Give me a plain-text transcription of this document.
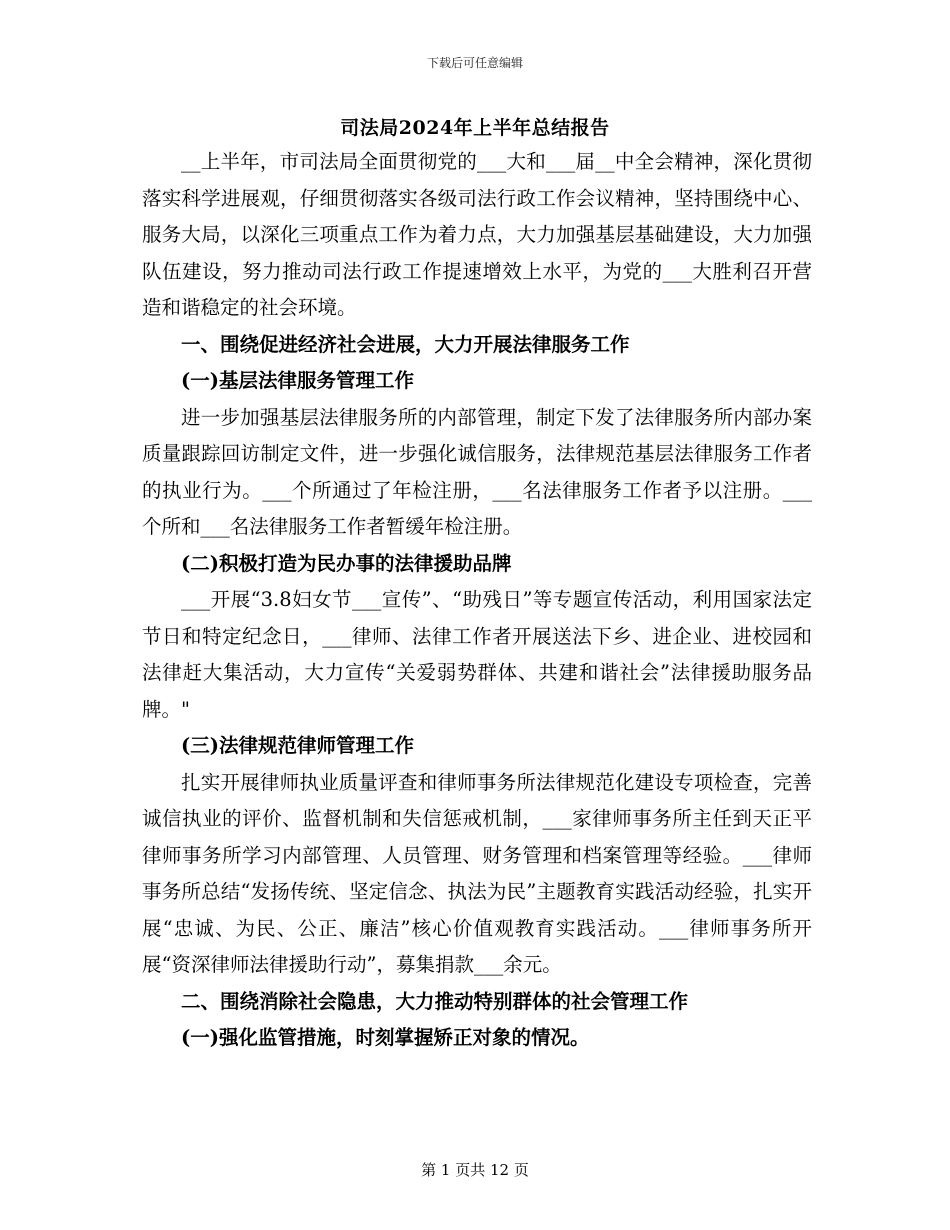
下载后可任意编辑
司法局2024年上半年总结报告

__上半年，市司法局全面贯彻党的___大和___届__中全会精神，深化贯彻落实科学进展观，仔细贯彻落实各级司法行政工作会议精神，坚持围绕中心、服务大局，以深化三项重点工作为着力点，大力加强基层基础建设，大力加强队伍建设，努力推动司法行政工作提速增效上水平，为党的___大胜利召开营造和谐稳定的社会环境。

一、围绕促进经济社会进展，大力开展法律服务工作

(一)基层法律服务管理工作

进一步加强基层法律服务所的内部管理，制定下发了法律服务所内部办案质量跟踪回访制定文件，进一步强化诚信服务，法律规范基层法律服务工作者的执业行为。___个所通过了年检注册，___名法律服务工作者予以注册。___个所和___名法律服务工作者暂缓年检注册。

(二)积极打造为民办事的法律援助品牌

___开展“3.8妇女节___宣传”、“助残日”等专题宣传活动，利用国家法定节日和特定纪念日，___律师、法律工作者开展送法下乡、进企业、进校园和法律赶大集活动，大力宣传“关爱弱势群体、共建和谐社会”法律援助服务品牌。"

(三)法律规范律师管理工作

扎实开展律师执业质量评查和律师事务所法律规范化建设专项检查，完善诚信执业的评价、监督机制和失信惩戒机制，___家律师事务所主任到天正平律师事务所学习内部管理、人员管理、财务管理和档案管理等经验。___律师事务所总结“发扬传统、坚定信念、执法为民”主题教育实践活动经验，扎实开展“忠诚、为民、公正、廉洁”核心价值观教育实践活动。___律师事务所开展“资深律师法律援助行动”，募集捐款___余元。

二、围绕消除社会隐患，大力推动特别群体的社会管理工作

(一)强化监管措施，时刻掌握矫正对象的情况。

第 1 页共 12 页
